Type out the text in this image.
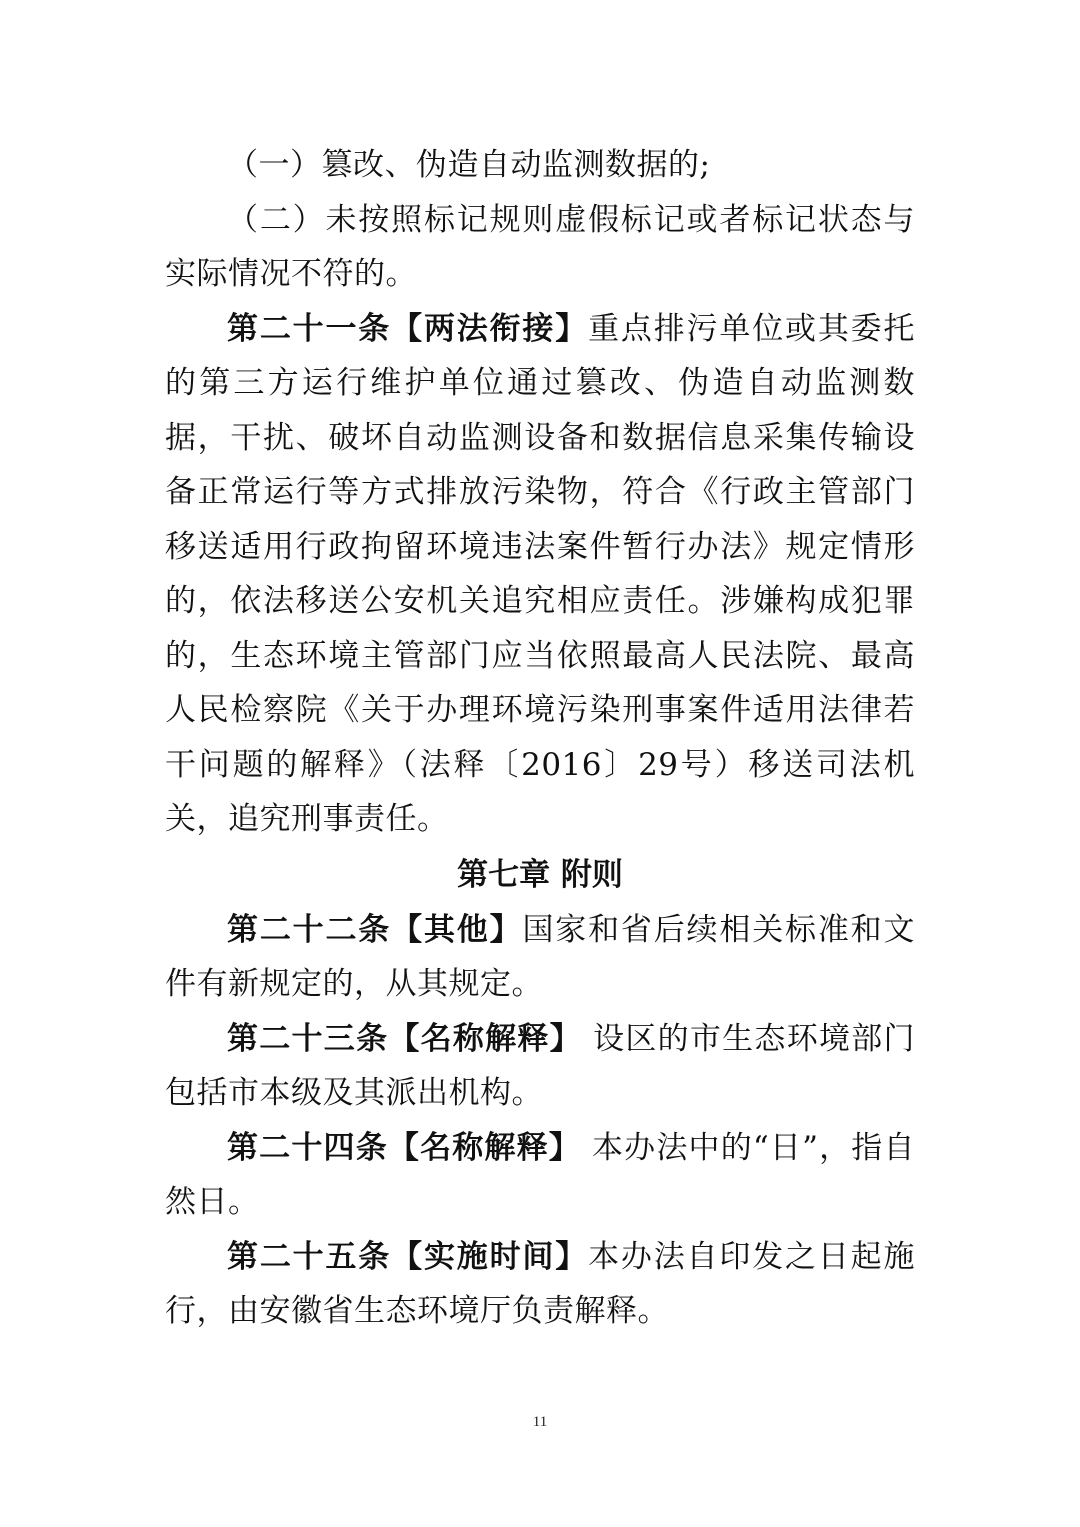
（一）篡改、伪造自动监测数据的;

（二）未按照标记规则虚假标记或者标记状态与实际情况不符的。

第二十一条【两法衔接】重点排污单位或其委托的第三方运行维护单位通过篡改、伪造自动监测数据，干扰、破坏自动监测设备和数据信息采集传输设备正常运行等方式排放污染物，符合《行政主管部门移送适用行政拘留环境违法案件暂行办法》规定情形的，依法移送公安机关追究相应责任。涉嫌构成犯罪的，生态环境主管部门应当依照最高人民法院、最高人民检察院《关于办理环境污染刑事案件适用法律若干问题的解释》（法释〔2016〕29号）移送司法机关，追究刑事责任。

第七章 附则

第二十二条【其他】国家和省后续相关标准和文件有新规定的，从其规定。

第二十三条【名称解释】 设区的市生态环境部门包括市本级及其派出机构。

第二十四条【名称解释】 本办法中的“日”，指自然日。

第二十五条【实施时间】本办法自印发之日起施行，由安徽省生态环境厅负责解释。

11
